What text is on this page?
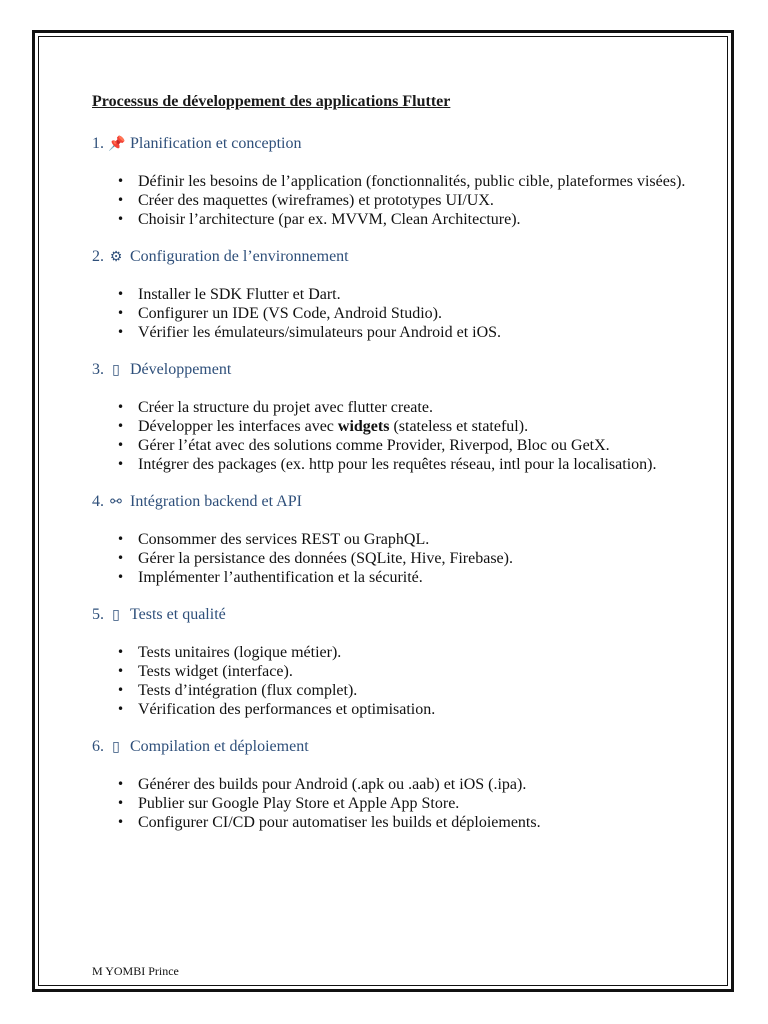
Processus de développement des applications Flutter

1. 📌 Planification et conception

• Définir les besoins de l’application (fonctionnalités, public cible, plateformes visées).
• Créer des maquettes (wireframes) et prototypes UI/UX.
• Choisir l’architecture (par ex. MVVM, Clean Architecture).

2. ⚙ Configuration de l’environnement

• Installer le SDK Flutter et Dart.
• Configurer un IDE (VS Code, Android Studio).
• Vérifier les émulateurs/simulateurs pour Android et iOS.

3. ▯ Développement

• Créer la structure du projet avec flutter create.
• Développer les interfaces avec widgets (stateless et stateful).
• Gérer l’état avec des solutions comme Provider, Riverpod, Bloc ou GetX.
• Intégrer des packages (ex. http pour les requêtes réseau, intl pour la localisation).

4. ⚯ Intégration backend et API

• Consommer des services REST ou GraphQL.
• Gérer la persistance des données (SQLite, Hive, Firebase).
• Implémenter l’authentification et la sécurité.

5. ▯ Tests et qualité

• Tests unitaires (logique métier).
• Tests widget (interface).
• Tests d’intégration (flux complet).
• Vérification des performances et optimisation.

6. ▯ Compilation et déploiement

• Générer des builds pour Android (.apk ou .aab) et iOS (.ipa).
• Publier sur Google Play Store et Apple App Store.
• Configurer CI/CD pour automatiser les builds et déploiements.
M YOMBI Prince
